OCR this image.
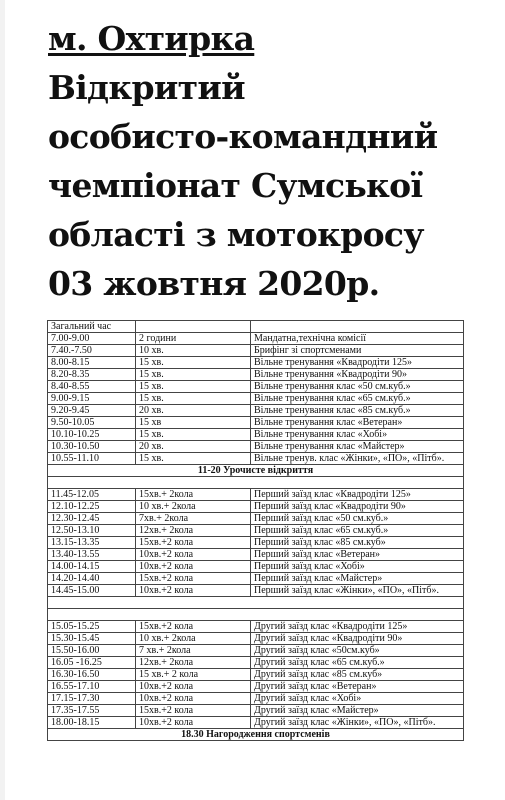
м. Охтирка

Відкритий

особисто-командний

чемпіонат Сумської

області з мотокросу

03 жовтня 2020р.

Загальний час		
7.00-9.00	2 години	Мандатна,технічна комісії
7.40.-7.50	10 хв.	Брифінг зі спортсменами
8.00-8.15	15 хв.	Вільне тренування «Квадродіти 125»
8.20-8.35	15 хв.	Вільне тренування «Квадродіти 90»
8.40-8.55	15 хв.	Вільне тренування клас «50 см.куб.»
9.00-9.15	15 хв.	Вільне тренування клас «65 см.куб.»
9.20-9.45	20 хв.	Вільне тренування клас «85 см.куб.»
9.50-10.05	15 хв	Вільне тренування клас «Ветеран»
10.10-10.25	15 хв.	Вільне тренування клас «Хобі»
10.30-10.50	20 хв.	Вільне тренування клас «Майстер»
10.55-11.10	15 хв.	Вільне тренув. клас «Жінки», «ПО», «Пітб».
11-20 Урочисте відкриття		

11.45-12.05	15хв.+ 2кола	Перший заїзд клас «Квадродіти 125»
12.10-12.25	10 хв.+ 2кола	Перший заїзд клас «Квадродіти 90»
12.30-12.45	7хв.+ 2кола	Перший заїзд клас «50 см.куб.»
12.50-13.10	12хв.+ 2кола	Перший заїзд клас «65 см.куб.»
13.15-13.35	15хв.+2 кола	Перший заїзд клас «85 см.куб»
13.40-13.55	10хв.+2 кола	Перший заїзд клас «Ветеран»
14.00-14.15	10хв.+2 кола	Перший заїзд клас «Хобі»
14.20-14.40	15хв.+2 кола	Перший заїзд клас «Майстер»
14.45-15.00	10хв.+2 кола	Перший заїзд клас «Жінки», «ПО», «Пітб».

15.05-15.25	15хв.+2 кола	Другий заїзд клас «Квадродіти 125»
15.30-15.45	10 хв.+ 2кола	Другий заїзд клас «Квадродіти 90»
15.50-16.00	7 хв.+ 2кола	Другий заїзд клас «50см.куб»
16.05 -16.25	12хв.+ 2кола	Другий заїзд клас «65 см.куб.»
16.30-16.50	15 хв.+ 2 кола	Другий заїзд клас «85 см.куб»
16.55-17.10	10хв.+2 кола	Другий заїзд клас «Ветеран»
17.15-17.30	10хв.+2 кола	Другий заїзд клас «Хобі»
17.35-17.55	15хв.+2 кола	Другий заїзд клас «Майстер»
18.00-18.15	10хв.+2 кола	Другий заїзд клас «Жінки», «ПО», «Пітб».
18.30 Нагородження спортсменів		
